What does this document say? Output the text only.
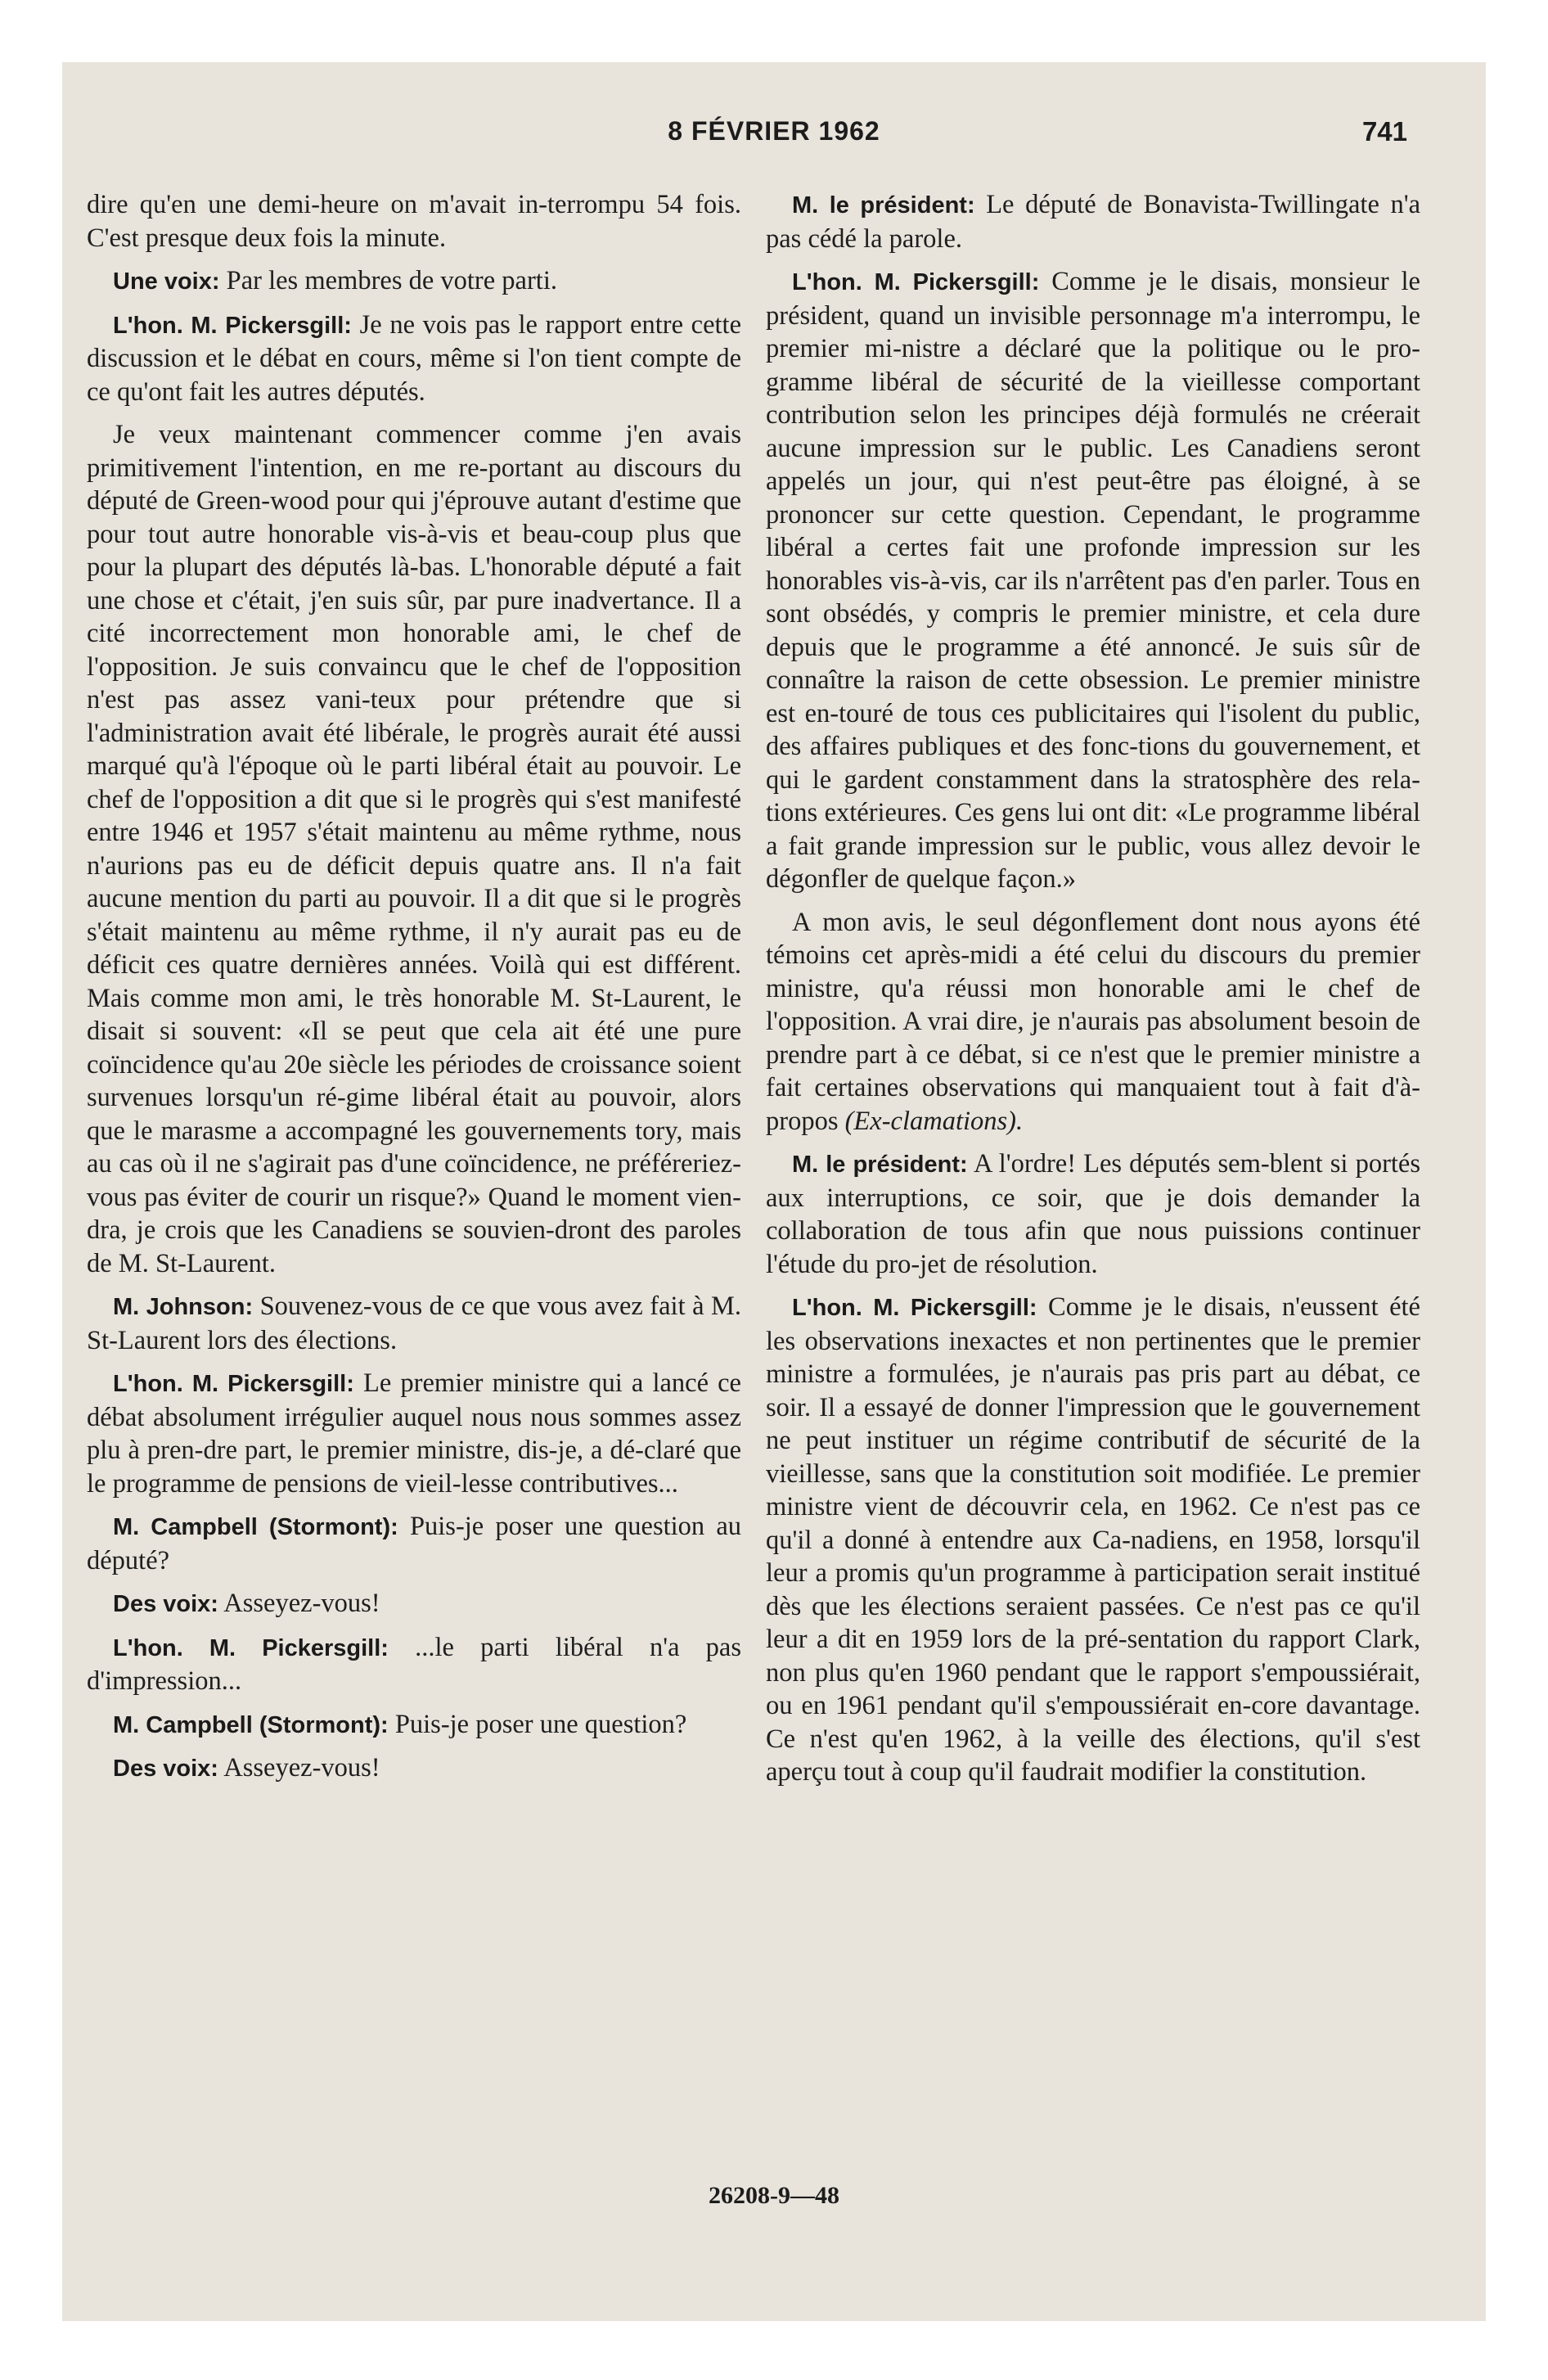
8 FÉVRIER 1962	741

dire qu'en une demi-heure on m'avait in-terrompu 54 fois. C'est presque deux fois la minute.

Une voix: Par les membres de votre parti.

L'hon. M. Pickersgill: Je ne vois pas le rapport entre cette discussion et le débat en cours, même si l'on tient compte de ce qu'ont fait les autres députés.

Je veux maintenant commencer comme j'en avais primitivement l'intention, en me re-portant au discours du député de Green-wood pour qui j'éprouve autant d'estime que pour tout autre honorable vis-à-vis et beau-coup plus que pour la plupart des députés là-bas. L'honorable député a fait une chose et c'était, j'en suis sûr, par pure inadvertance. Il a cité incorrectement mon honorable ami, le chef de l'opposition. Je suis convaincu que le chef de l'opposition n'est pas assez vani-teux pour prétendre que si l'administration avait été libérale, le progrès aurait été aussi marqué qu'à l'époque où le parti libéral était au pouvoir. Le chef de l'opposition a dit que si le progrès qui s'est manifesté entre 1946 et 1957 s'était maintenu au même rythme, nous n'aurions pas eu de déficit depuis quatre ans. Il n'a fait aucune mention du parti au pouvoir. Il a dit que si le progrès s'était maintenu au même rythme, il n'y aurait pas eu de déficit ces quatre dernières années. Voilà qui est différent. Mais comme mon ami, le très honorable M. St-Laurent, le disait si souvent: «Il se peut que cela ait été une pure coïncidence qu'au 20e siècle les périodes de croissance soient survenues lorsqu'un ré-gime libéral était au pouvoir, alors que le marasme a accompagné les gouvernements tory, mais au cas où il ne s'agirait pas d'une coïncidence, ne préféreriez-vous pas éviter de courir un risque?» Quand le moment vien-dra, je crois que les Canadiens se souvien-dront des paroles de M. St-Laurent.

M. Johnson: Souvenez-vous de ce que vous avez fait à M. St-Laurent lors des élections.

L'hon. M. Pickersgill: Le premier ministre qui a lancé ce débat absolument irrégulier auquel nous nous sommes assez plu à pren-dre part, le premier ministre, dis-je, a dé-claré que le programme de pensions de vieil-lesse contributives...

M. Campbell (Stormont): Puis-je poser une question au député?

Des voix: Asseyez-vous!

L'hon. M. Pickersgill: ...le parti libéral n'a pas d'impression...

M. Campbell (Stormont): Puis-je poser une question?

Des voix: Asseyez-vous!

M. le président: Le député de Bonavista-Twillingate n'a pas cédé la parole.

L'hon. M. Pickersgill: Comme je le disais, monsieur le président, quand un invisible personnage m'a interrompu, le premier mi-nistre a déclaré que la politique ou le pro-gramme libéral de sécurité de la vieillesse comportant contribution selon les principes déjà formulés ne créerait aucune impression sur le public. Les Canadiens seront appelés un jour, qui n'est peut-être pas éloigné, à se prononcer sur cette question. Cependant, le programme libéral a certes fait une profonde impression sur les honorables vis-à-vis, car ils n'arrêtent pas d'en parler. Tous en sont obsédés, y compris le premier ministre, et cela dure depuis que le programme a été annoncé. Je suis sûr de connaître la raison de cette obsession. Le premier ministre est en-touré de tous ces publicitaires qui l'isolent du public, des affaires publiques et des fonc-tions du gouvernement, et qui le gardent constamment dans la stratosphère des rela-tions extérieures. Ces gens lui ont dit: «Le programme libéral a fait grande impression sur le public, vous allez devoir le dégonfler de quelque façon.»

A mon avis, le seul dégonflement dont nous ayons été témoins cet après-midi a été celui du discours du premier ministre, qu'a réussi mon honorable ami le chef de l'opposition. A vrai dire, je n'aurais pas absolument besoin de prendre part à ce débat, si ce n'est que le premier ministre a fait certaines observations qui manquaient tout à fait d'à-propos (Ex-clamations).

M. le président: A l'ordre! Les députés sem-blent si portés aux interruptions, ce soir, que je dois demander la collaboration de tous afin que nous puissions continuer l'étude du pro-jet de résolution.

L'hon. M. Pickersgill: Comme je le disais, n'eussent été les observations inexactes et non pertinentes que le premier ministre a formulées, je n'aurais pas pris part au débat, ce soir. Il a essayé de donner l'impression que le gouvernement ne peut instituer un régime contributif de sécurité de la vieillesse, sans que la constitution soit modifiée. Le premier ministre vient de découvrir cela, en 1962. Ce n'est pas ce qu'il a donné à entendre aux Ca-nadiens, en 1958, lorsqu'il leur a promis qu'un programme à participation serait institué dès que les élections seraient passées. Ce n'est pas ce qu'il leur a dit en 1959 lors de la pré-sentation du rapport Clark, non plus qu'en 1960 pendant que le rapport s'empoussiérait, ou en 1961 pendant qu'il s'empoussiérait en-core davantage. Ce n'est qu'en 1962, à la veille des élections, qu'il s'est aperçu tout à coup qu'il faudrait modifier la constitution.

26208-9—48
